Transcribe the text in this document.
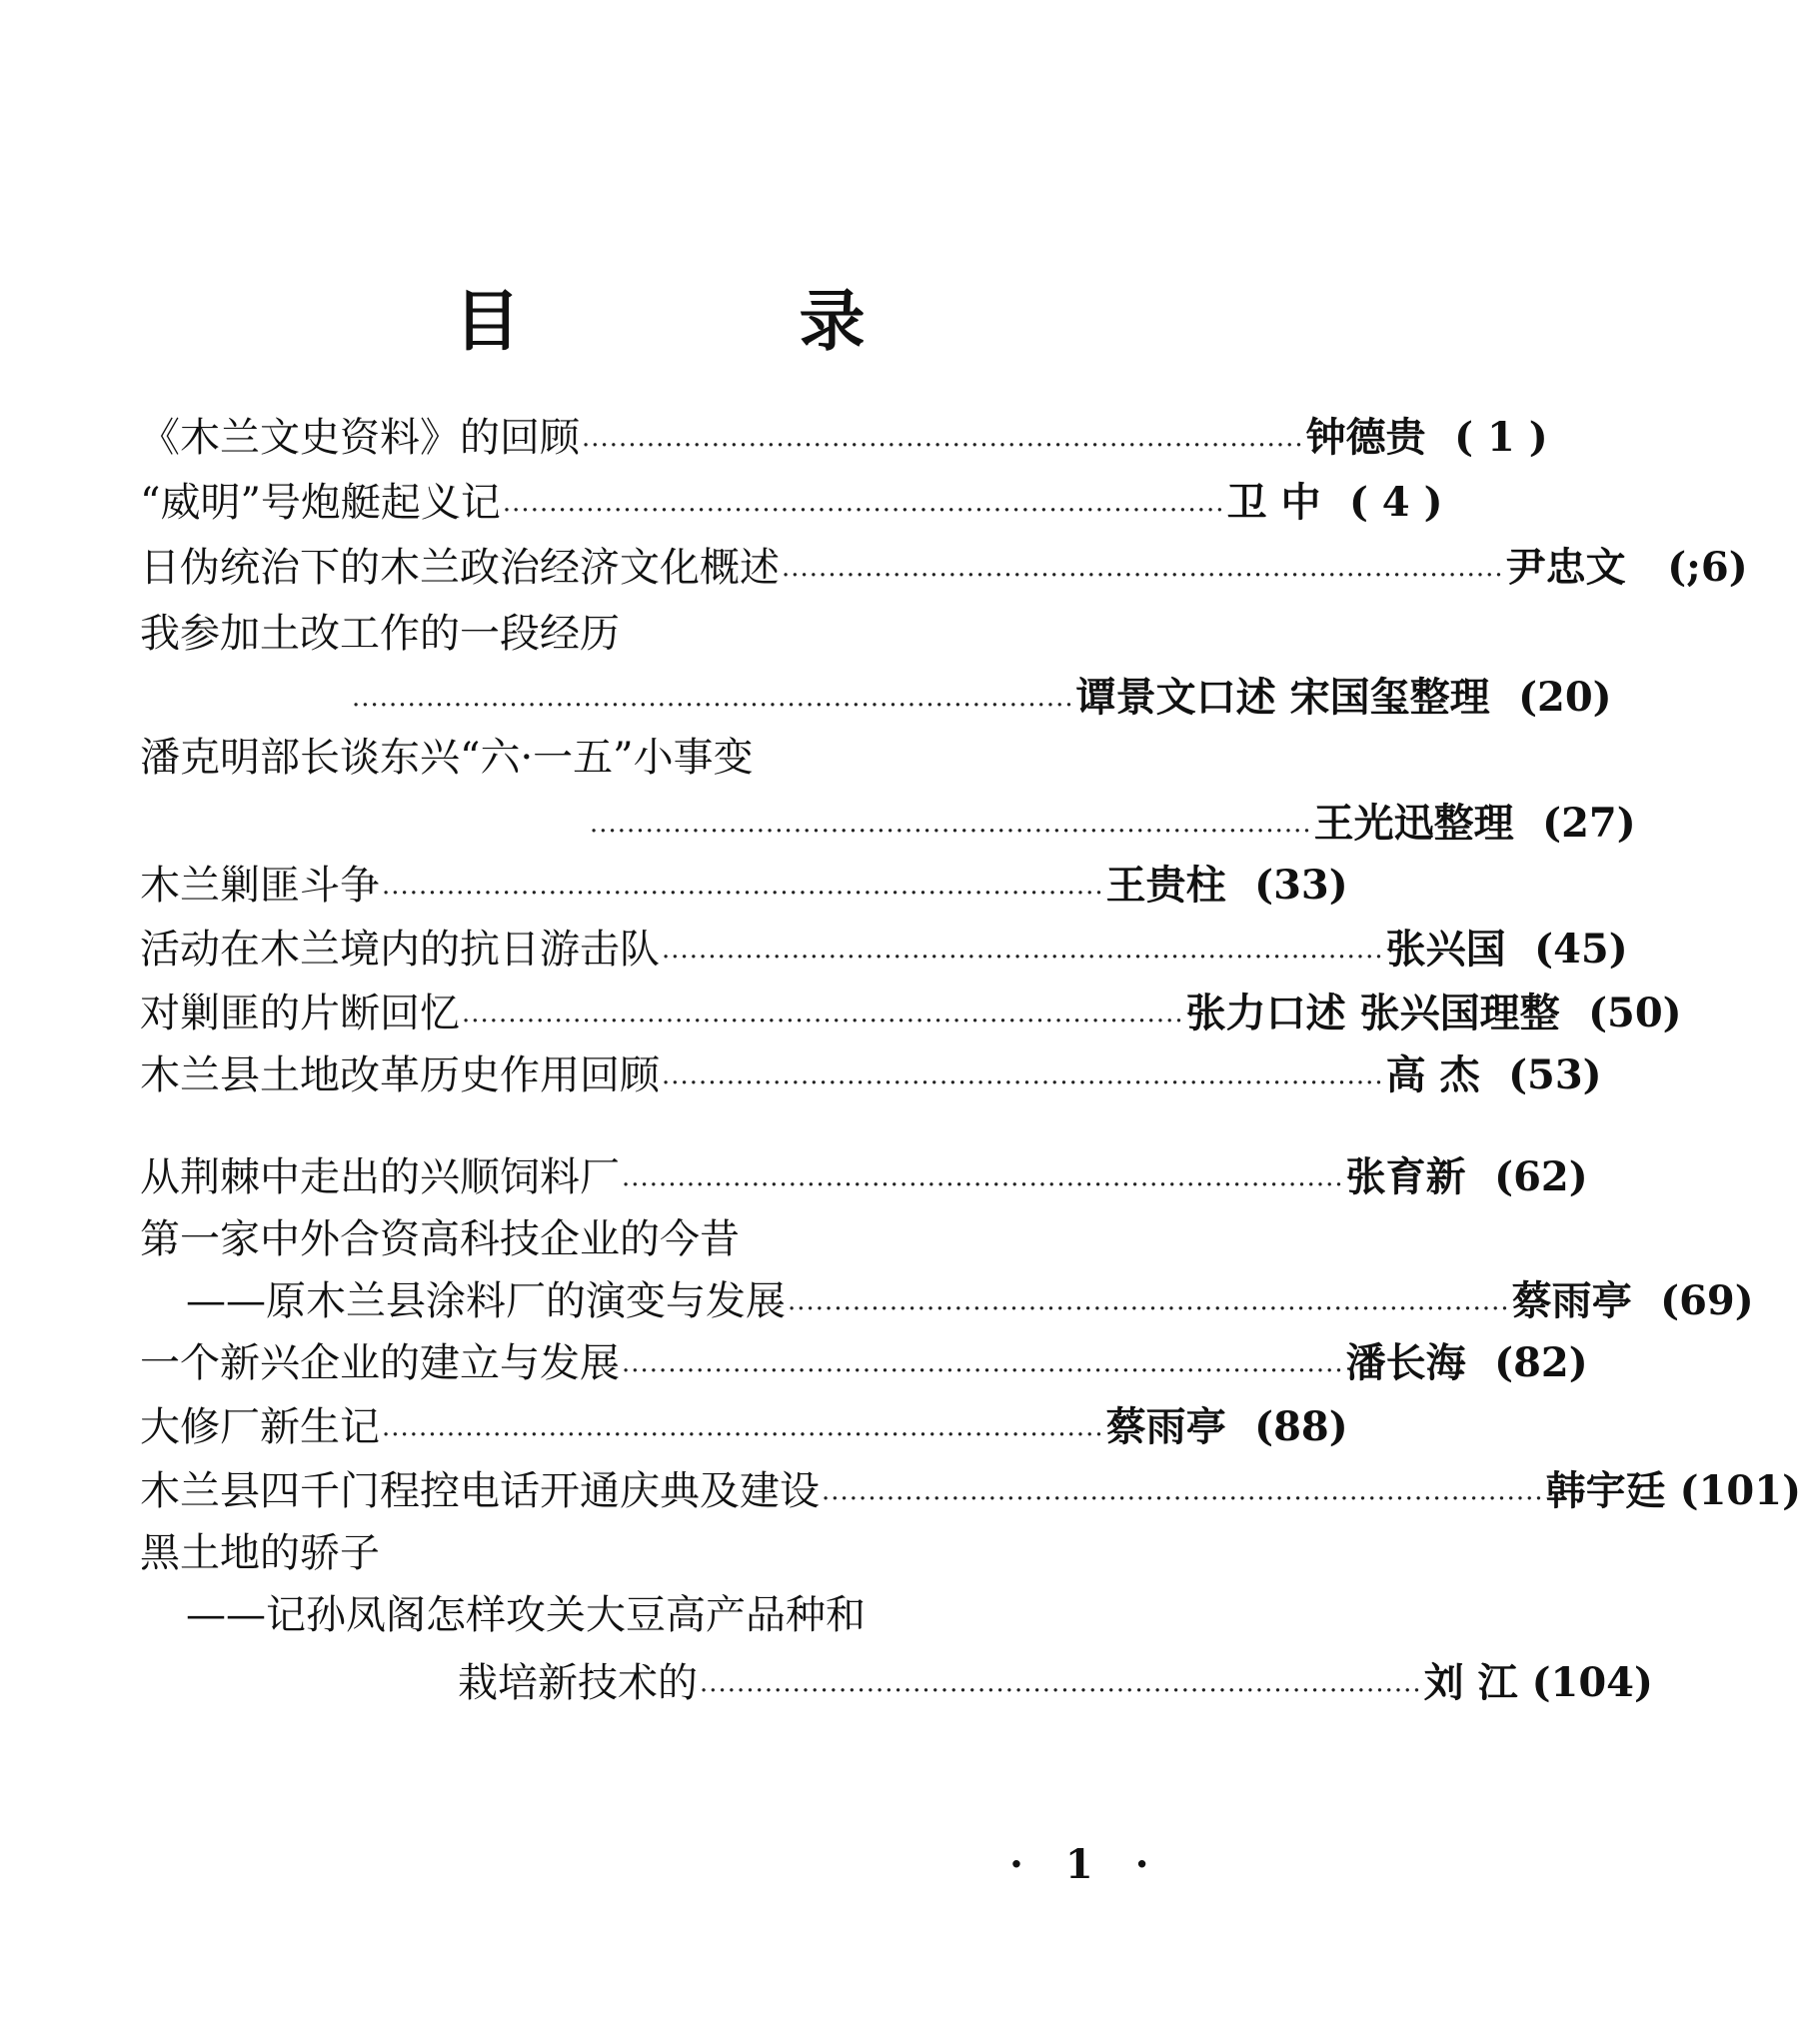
目 录
《木兰文史资料》的回顾 ·············································································· 钟德贵 ( 1 )
“威明”号炮艇起义记 ·············································································· 卫 中 ( 4 )
日伪统治下的木兰政治经济文化概述 ·············································································· 尹忠文	(;6)
我参加土改工作的一段经历
·············································································· 谭景文口述 宋国玺整理 (20)
潘克明部长谈东兴“六·一五”小事变
·············································································· 王光迅整理 (27)
木兰剿匪斗争 ·············································································· 王贵柱 (33)
活动在木兰境内的抗日游击队 ·············································································· 张兴国 (45)
对剿匪的片断回忆 ·············································································· 张力口述 张兴国理整 (50)
木兰县土地改革历史作用回顾 ·············································································· 高 杰 (53)
从荆棘中走出的兴顺饲料厂 ·············································································· 张育新 (62)
第一家中外合资高科技企业的今昔
——原木兰县涂料厂的演变与发展 ·············································································· 蔡雨亭 (69)
一个新兴企业的建立与发展 ·············································································· 潘长海 (82)
大修厂新生记 ·············································································· 蔡雨亭 (88)
木兰县四千门程控电话开通庆典及建设 ·············································································· 韩宇廷 (101)
黑土地的骄子
——记孙凤阁怎样攻关大豆高产品种和
栽培新技术的 ·············································································· 刘 江 (104)
· 1 ·
